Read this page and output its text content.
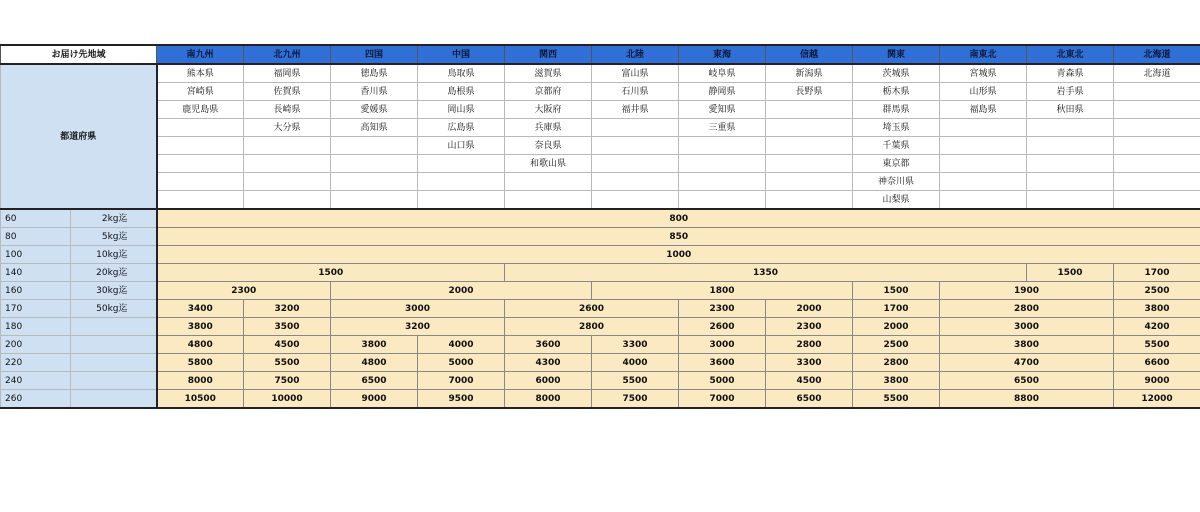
お届け先地域		南九州	北九州	四国	中国	関西	北陸	東海	信越	関東	南東北	北東北	北海道
都道府県		熊本県	福岡県	徳島県	鳥取県	滋賀県	富山県	岐阜県	新潟県	茨城県	宮城県	青森県	北海道
		宮崎県	佐賀県	香川県	島根県	京都府	石川県	静岡県	長野県	栃木県	山形県	岩手県	
		鹿児島県	長崎県	愛媛県	岡山県	大阪府	福井県	愛知県		群馬県	福島県	秋田県	
			大分県	高知県	広島県	兵庫県		三重県		埼玉県			
					山口県	奈良県				千葉県			
						和歌山県				東京都			
										神奈川県			
										山梨県			
60	2kg迄	800											
80	5kg迄	850											
100	10kg迄	1000											
140	20kg迄	1500				1350						1500	1700
160	30kg迄	2300		2000			1800			1500	1900		2500
170	50kg迄	3400	3200	3000		2600		2300	2000	1700	2800		3800
180		3800	3500	3200		2800		2600	2300	2000	3000		4200
200		4800	4500	3800	4000	3600	3300	3000	2800	2500	3800		5500
220		5800	5500	4800	5000	4300	4000	3600	3300	2800	4700		6600
240		8000	7500	6500	7000	6000	5500	5000	4500	3800	6500		9000
260		10500	10000	9000	9500	8000	7500	7000	6500	5500	8800		12000
